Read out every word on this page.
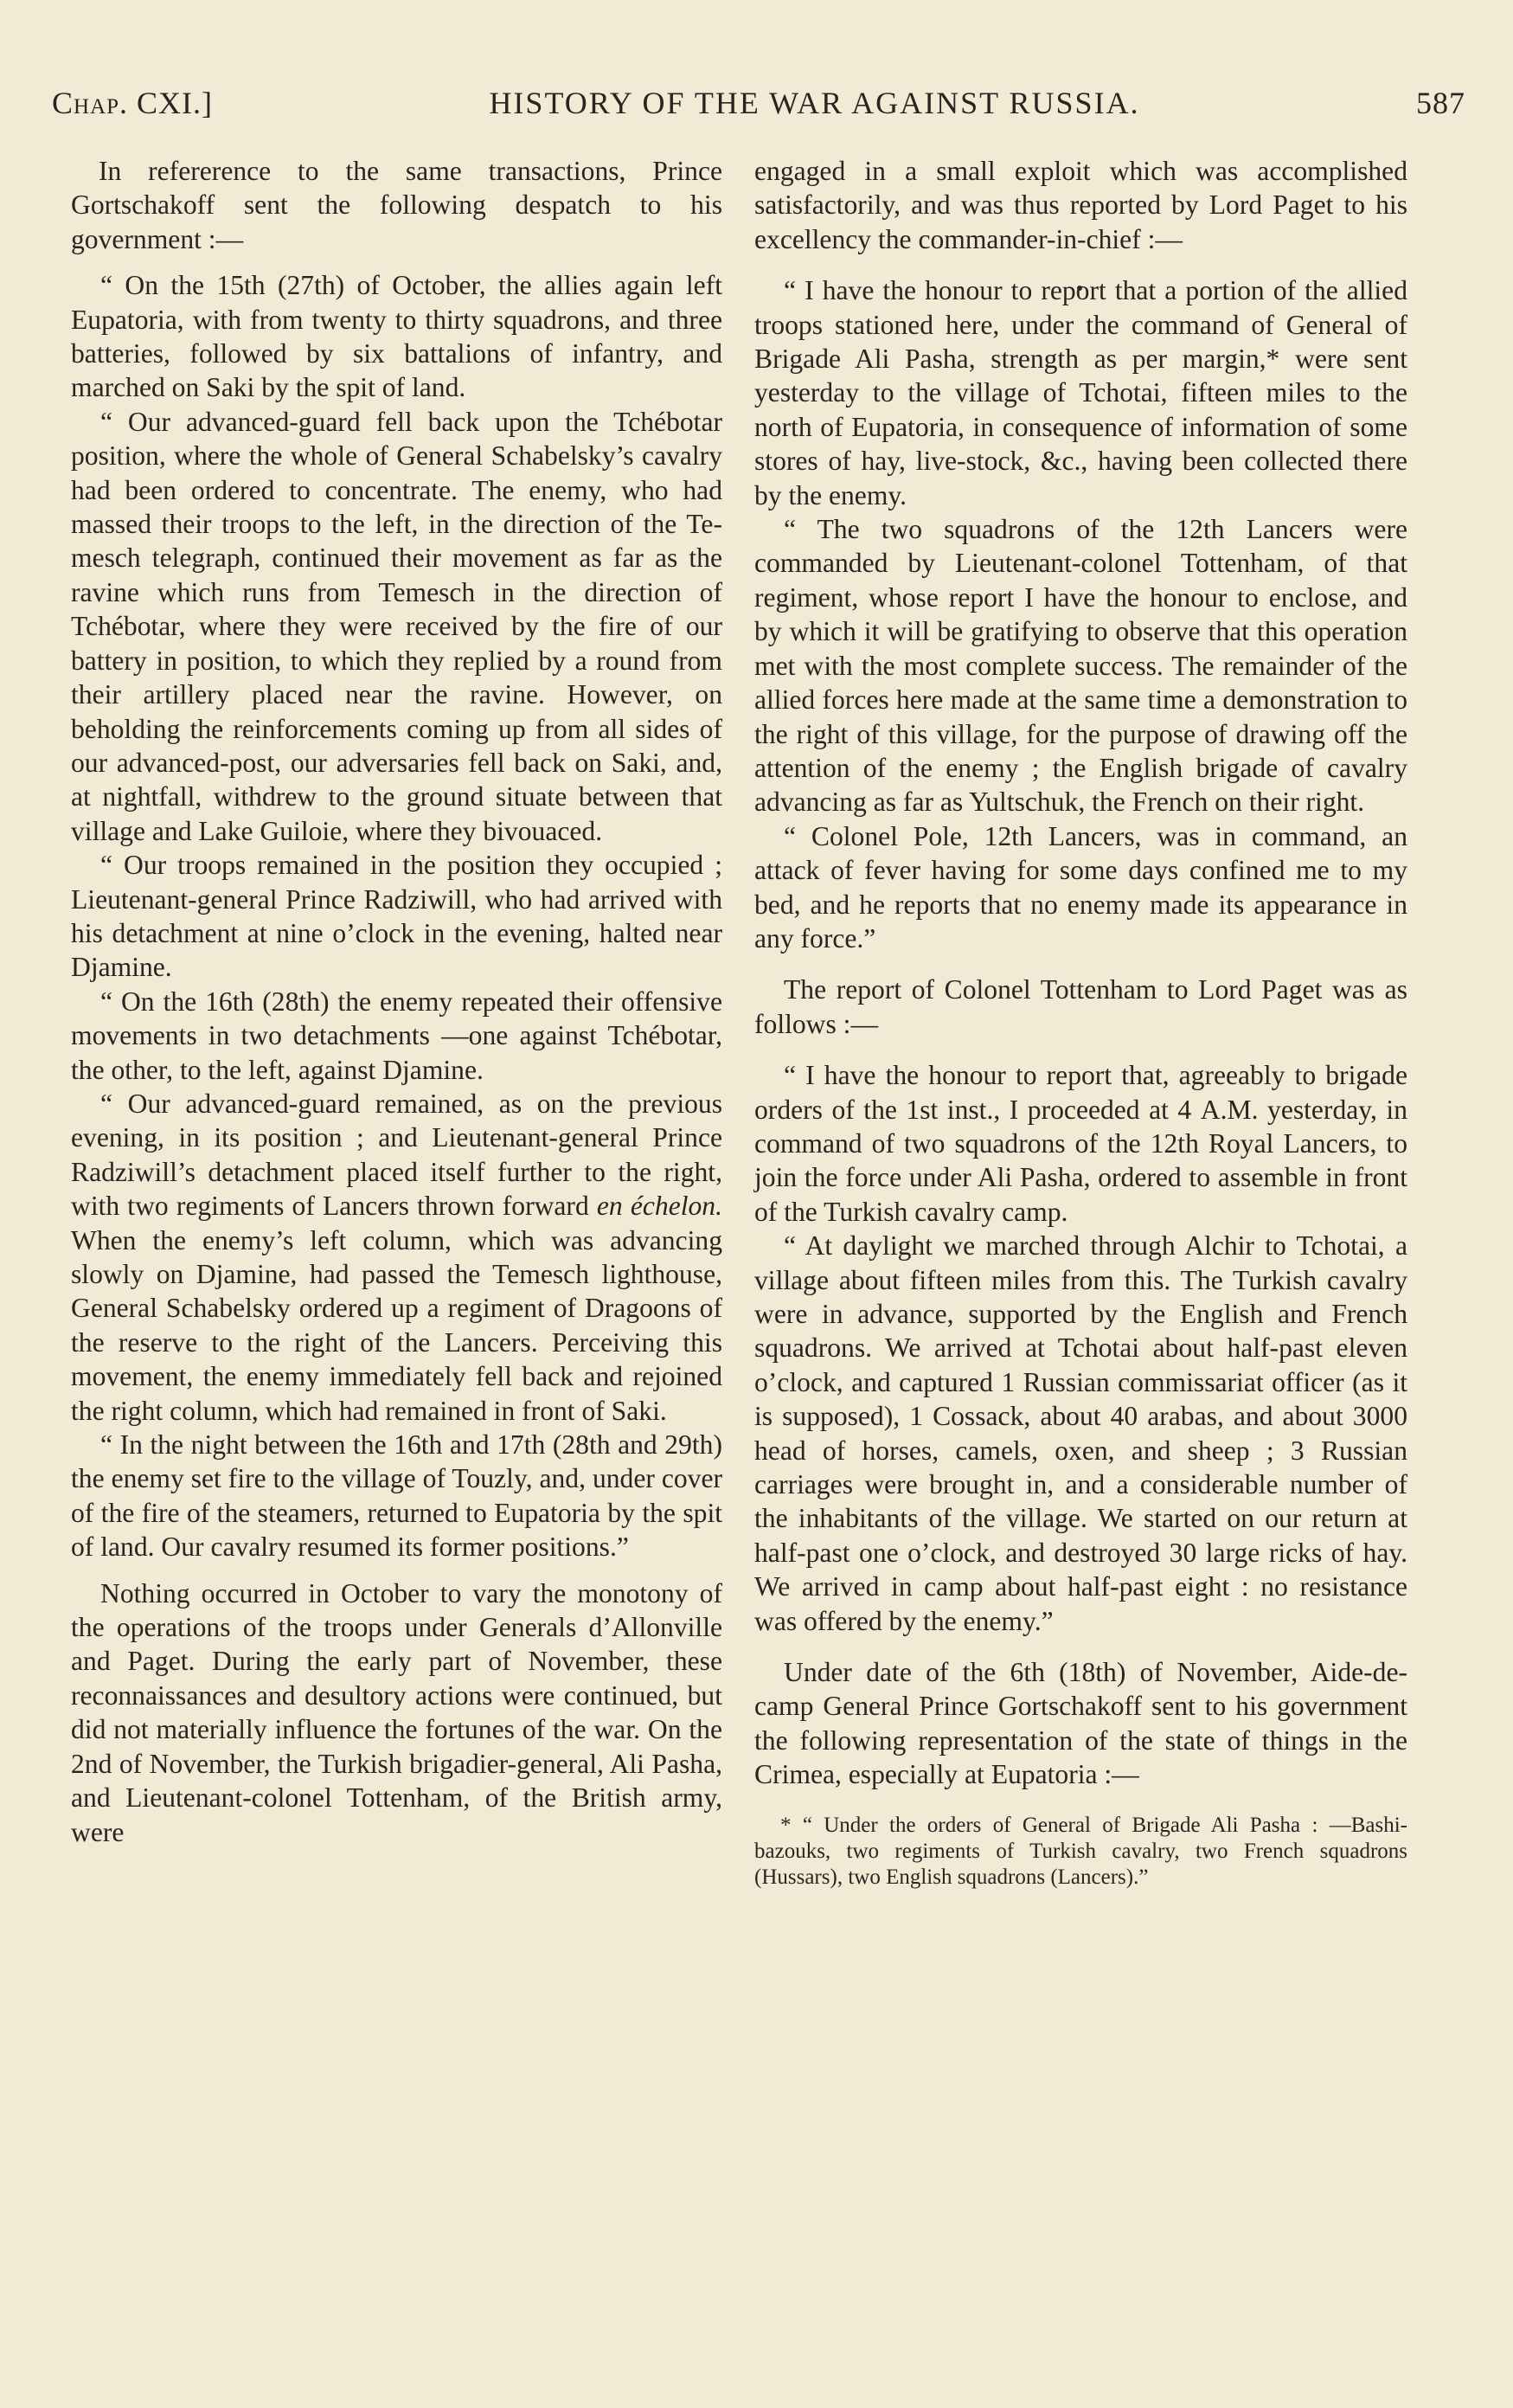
Chap. CXI.]	HISTORY OF THE WAR AGAINST RUSSIA.	587

In refererence to the same transactions, Prince Gortschakoff sent the following despatch to his government :—

“ On the 15th (27th) of October, the allies again left Eupatoria, with from twenty to thirty squadrons, and three batteries, followed by six battalions of infantry, and marched on Saki by the spit of land.

“ Our advanced-guard fell back upon the Tchébotar position, where the whole of General Schabelsky’s cavalry had been ordered to concentrate. The enemy, who had massed their troops to the left, in the direction of the Temesch telegraph, continued their movement as far as the ravine which runs from Temesch in the direction of Tchébotar, where they were received by the fire of our battery in position, to which they replied by a round from their artillery placed near the ravine. However, on beholding the reinforcements coming up from all sides of our advanced-post, our adversaries fell back on Saki, and, at nightfall, withdrew to the ground situate between that village and Lake Guiloie, where they bivouaced.

“ Our troops remained in the position they occupied ; Lieutenant-general Prince Radziwill, who had arrived with his detachment at nine o’clock in the evening, halted near Djamine.

“ On the 16th (28th) the enemy repeated their offensive movements in two detachments —one against Tchébotar, the other, to the left, against Djamine.

“ Our advanced-guard remained, as on the previous evening, in its position ; and Lieutenant-general Prince Radziwill’s detachment placed itself further to the right, with two regiments of Lancers thrown forward en échelon. When the enemy’s left column, which was advancing slowly on Djamine, had passed the Temesch lighthouse, General Schabelsky ordered up a regiment of Dragoons of the reserve to the right of the Lancers. Perceiving this movement, the enemy immediately fell back and rejoined the right column, which had remained in front of Saki.

“ In the night between the 16th and 17th (28th and 29th) the enemy set fire to the village of Touzly, and, under cover of the fire of the steamers, returned to Eupatoria by the spit of land. Our cavalry resumed its former positions.”

Nothing occurred in October to vary the monotony of the operations of the troops under Generals d’Allonville and Paget. During the early part of November, these reconnaissances and desultory actions were continued, but did not materially influence the fortunes of the war. On the 2nd of November, the Turkish brigadier-general, Ali Pasha, and Lieutenant-colonel Tottenham, of the British army, were

engaged in a small exploit which was accomplished satisfactorily, and was thus reported by Lord Paget to his excellency the commander-in-chief :—

“ I have the honour to report that a portion of the allied troops stationed here, under the command of General of Brigade Ali Pasha, strength as per margin,* were sent yesterday to the village of Tchotai, fifteen miles to the north of Eupatoria, in consequence of information of some stores of hay, live-stock, &c., having been collected there by the enemy.

“ The two squadrons of the 12th Lancers were commanded by Lieutenant-colonel Tottenham, of that regiment, whose report I have the honour to enclose, and by which it will be gratifying to observe that this operation met with the most complete success. The remainder of the allied forces here made at the same time a demonstration to the right of this village, for the purpose of drawing off the attention of the enemy ; the English brigade of cavalry advancing as far as Yultschuk, the French on their right.

“ Colonel Pole, 12th Lancers, was in command, an attack of fever having for some days confined me to my bed, and he reports that no enemy made its appearance in any force.”

The report of Colonel Tottenham to Lord Paget was as follows :—

“ I have the honour to report that, agreeably to brigade orders of the 1st inst., I proceeded at 4 A.M. yesterday, in command of two squadrons of the 12th Royal Lancers, to join the force under Ali Pasha, ordered to assemble in front of the Turkish cavalry camp.

“ At daylight we marched through Alchir to Tchotai, a village about fifteen miles from this. The Turkish cavalry were in advance, supported by the English and French squadrons. We arrived at Tchotai about half-past eleven o’clock, and captured 1 Russian commissariat officer (as it is supposed), 1 Cossack, about 40 arabas, and about 3000 head of horses, camels, oxen, and sheep ; 3 Russian carriages were brought in, and a considerable number of the inhabitants of the village. We started on our return at half-past one o’clock, and destroyed 30 large ricks of hay. We arrived in camp about half-past eight : no resistance was offered by the enemy.”

Under date of the 6th (18th) of November, Aide-de-camp General Prince Gortschakoff sent to his government the following representation of the state of things in the Crimea, especially at Eupatoria :—

* “ Under the orders of General of Brigade Ali Pasha : —Bashi-bazouks, two regiments of Turkish cavalry, two French squadrons (Hussars), two English squadrons (Lancers).”
